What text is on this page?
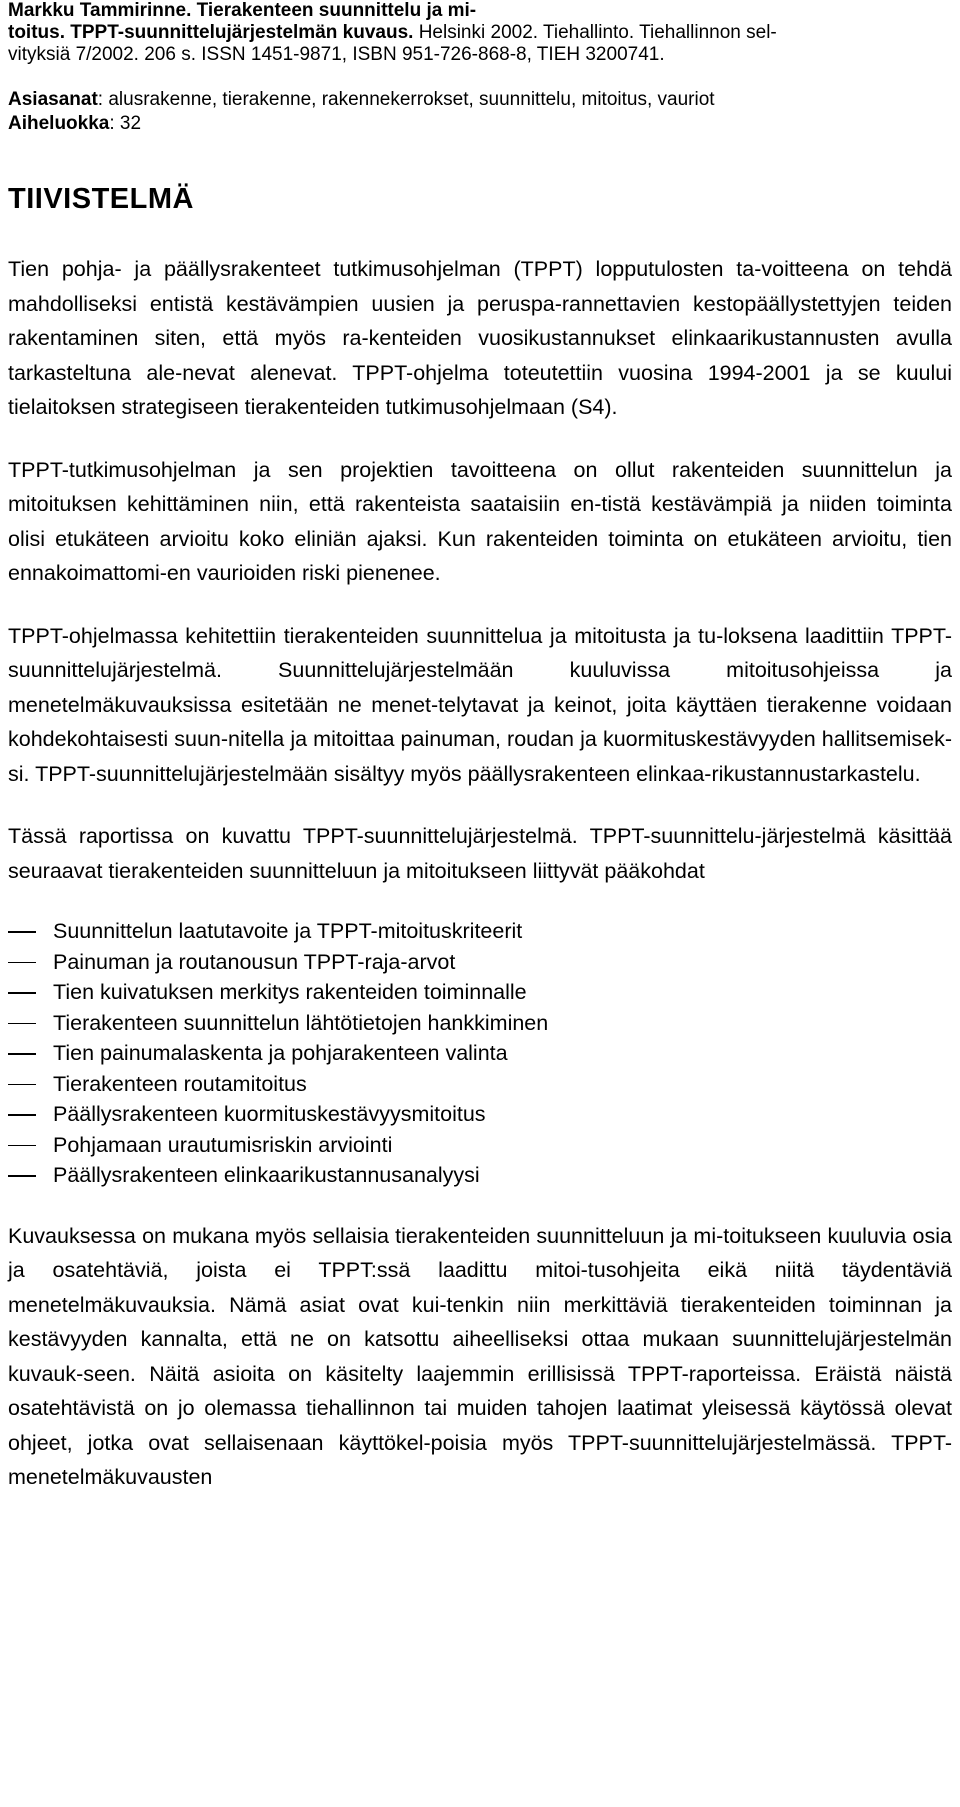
Markku Tammirinne. Tierakenteen suunnittelu ja mi-
toitus. TPPT-suunnittelujärjestelmän kuvaus. Helsinki 2002. Tiehallinto. Tiehallinnon sel-
vityksiä 7/2002. 206 s. ISSN 1451-9871, ISBN 951-726-868-8, TIEH 3200741.
Asiasanat: alusrakenne, tierakenne, rakennekerrokset, suunnittelu, mitoitus, vauriot
Aiheluokka: 32
TIIVISTELMÄ

Tien pohja- ja päällysrakenteet tutkimusohjelman (TPPT) lopputulosten ta-voitteena on tehdä mahdolliseksi entistä kestävämpien uusien ja peruspa-rannettavien kestopäällystettyjen teiden rakentaminen siten, että myös ra-kenteiden vuosikustannukset elinkaarikustannusten avulla tarkasteltuna ale-nevat alenevat. TPPT-ohjelma toteutettiin vuosina 1994-2001 ja se kuului tielaitoksen strategiseen tierakenteiden tutkimusohjelmaan (S4).

TPPT-tutkimusohjelman ja sen projektien tavoitteena on ollut rakenteiden suunnittelun ja mitoituksen kehittäminen niin, että rakenteista saataisiin en-tistä kestävämpiä ja niiden toiminta olisi etukäteen arvioitu koko eliniän ajaksi. Kun rakenteiden toiminta on etukäteen arvioitu, tien ennakoimattomi-en vaurioiden riski pienenee.

TPPT-ohjelmassa kehitettiin tierakenteiden suunnittelua ja mitoitusta ja tu-loksena laadittiin TPPT-suunnittelujärjestelmä. Suunnittelujärjestelmään kuuluvissa mitoitusohjeissa ja menetelmäkuvauksissa esitetään ne menet-telytavat ja keinot, joita käyttäen tierakenne voidaan kohdekohtaisesti suun-nitella ja mitoittaa painuman, roudan ja kuormituskestävyyden hallitsemisek-si. TPPT-suunnittelujärjestelmään sisältyy myös päällysrakenteen elinkaa-rikustannustarkastelu.

Tässä raportissa on kuvattu TPPT-suunnittelujärjestelmä. TPPT-suunnittelu-järjestelmä käsittää seuraavat tierakenteiden suunnitteluun ja mitoitukseen liittyvät pääkohdat

Suunnittelun laatutavoite ja TPPT-mitoituskriteerit
Painuman ja routanousun TPPT-raja-arvot
Tien kuivatuksen merkitys rakenteiden toiminnalle
Tierakenteen suunnittelun lähtötietojen hankkiminen
Tien painumalaskenta ja pohjarakenteen valinta
Tierakenteen routamitoitus
Päällysrakenteen kuormituskestävyysmitoitus
Pohjamaan urautumisriskin arviointi
Päällysrakenteen elinkaarikustannusanalyysi

Kuvauksessa on mukana myös sellaisia tierakenteiden suunnitteluun ja mi-toitukseen kuuluvia osia ja osatehtäviä, joista ei TPPT:ssä laadittu mitoi-tusohjeita eikä niitä täydentäviä menetelmäkuvauksia. Nämä asiat ovat kui-tenkin niin merkittäviä tierakenteiden toiminnan ja kestävyyden kannalta, että ne on katsottu aiheelliseksi ottaa mukaan suunnittelujärjestelmän kuvauk-seen. Näitä asioita on käsitelty laajemmin erillisissä TPPT-raporteissa. Eräistä näistä osatehtävistä on jo olemassa tiehallinnon tai muiden tahojen laatimat yleisessä käytössä olevat ohjeet, jotka ovat sellaisenaan käyttökel-poisia myös TPPT-suunnittelujärjestelmässä. TPPT-menetelmäkuvausten
